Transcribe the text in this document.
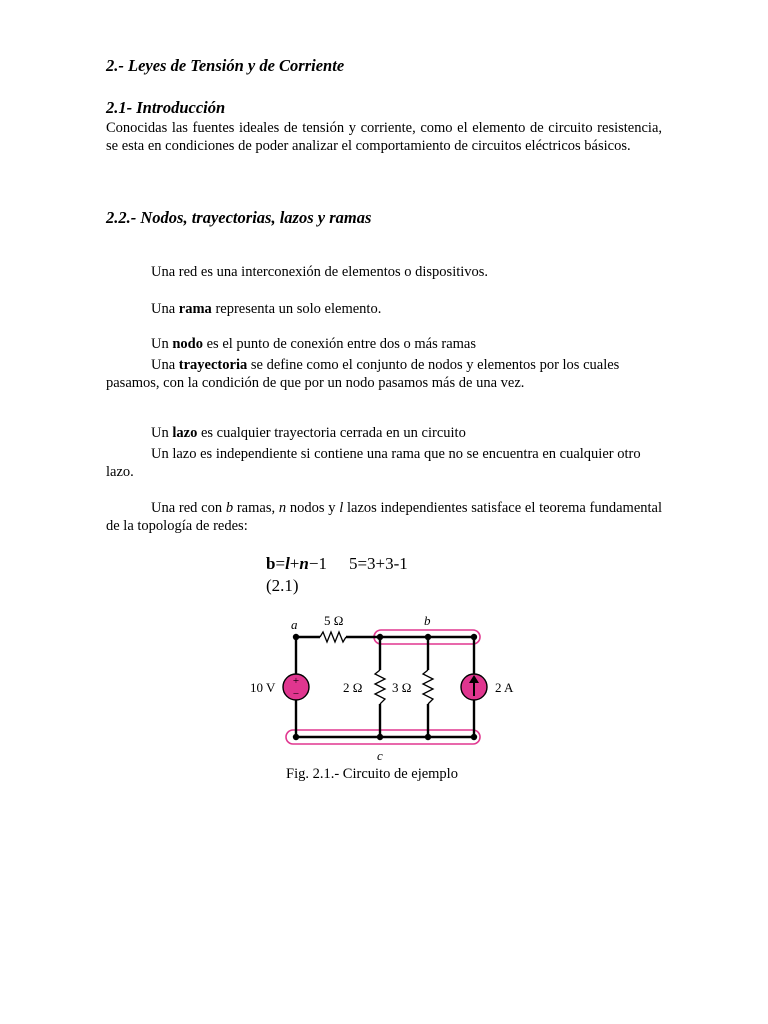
2.- Leyes de Tensión y de Corriente
2.1- Introducción

Conocidas las fuentes ideales de tensión y corriente, como el elemento de circuito resistencia, se esta en condiciones de poder analizar el comportamiento de circuitos eléctricos básicos.

2.2.- Nodos, trayectorias, lazos y ramas

Una red es una interconexión de elementos o dispositivos.

Una rama representa un solo elemento.

Un nodo es el punto de conexión entre dos o más ramas

Una trayectoria se define como el conjunto de nodos y elementos por los cuales pasamos, con la condición de que por un nodo pasamos más de una vez.

Un lazo es cualquier trayectoria cerrada en un circuito

Un lazo es independiente si contiene una rama que no se encuentra en cualquier otro lazo.

Una red con b ramas, n nodos y l lazos independientes satisface el teorema fundamental de la topología de redes:

b=l+n−1 5=3+3-1
(2.1)
Fig. 2.1.- Circuito de ejemplo
+
−
a	b
c
5 Ω
2 Ω 3 Ω
10 V	2 A
